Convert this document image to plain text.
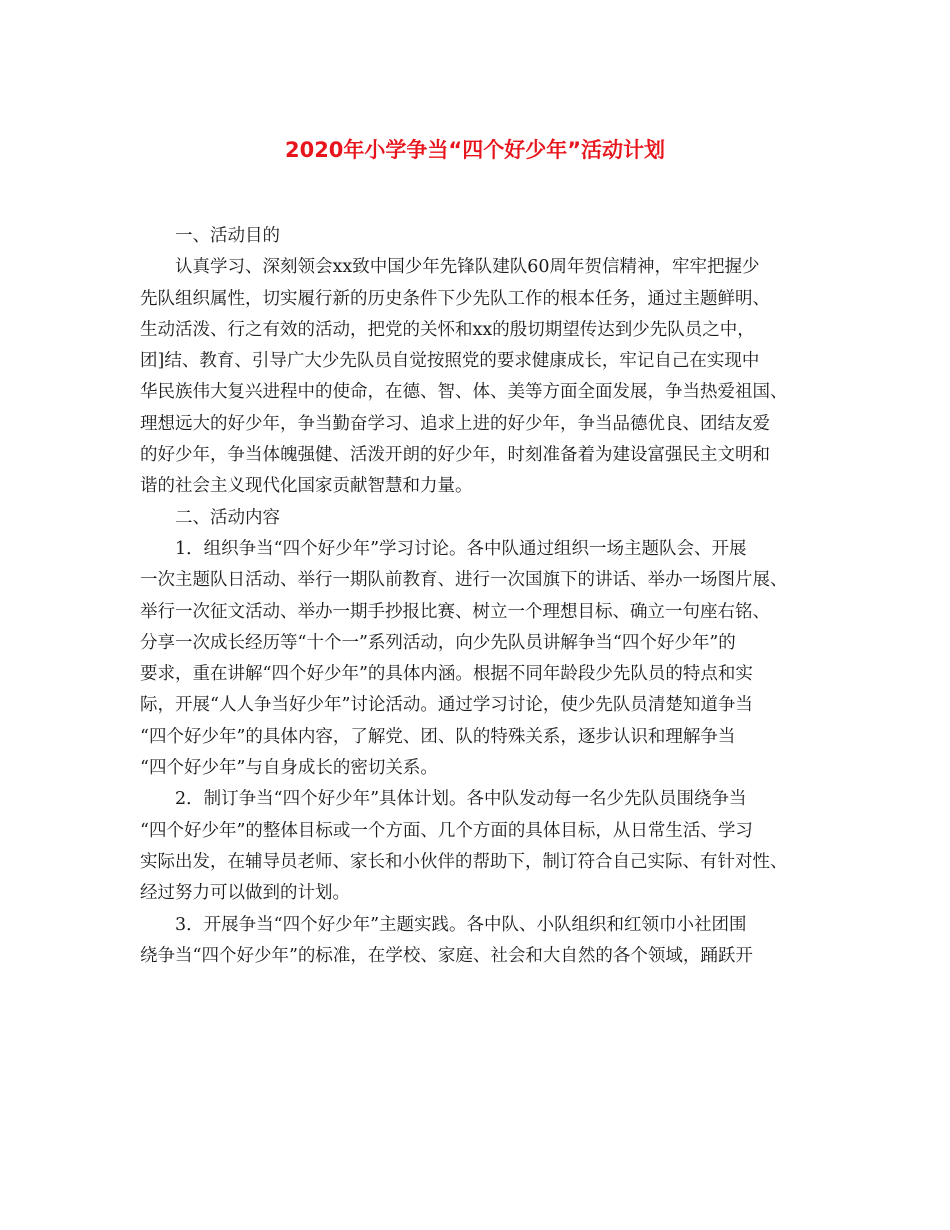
2020年小学争当“四个好少年”活动计划
一、活动目的
认真学习、深刻领会xx致中国少年先锋队建队60周年贺信精神，牢牢把握少
先队组织属性，切实履行新的历史条件下少先队工作的根本任务，通过主题鲜明、
生动活泼、行之有效的活动，把党的关怀和xx的殷切期望传达到少先队员之中，
团]结、教育、引导广大少先队员自觉按照党的要求健康成长，牢记自己在实现中
华民族伟大复兴进程中的使命，在德、智、体、美等方面全面发展，争当热爱祖国、
理想远大的好少年，争当勤奋学习、追求上进的好少年，争当品德优良、团结友爱
的好少年，争当体魄强健、活泼开朗的好少年，时刻准备着为建设富强民主文明和
谐的社会主义现代化国家贡献智慧和力量。
二、活动内容
1．组织争当“四个好少年”学习讨论。各中队通过组织一场主题队会、开展
一次主题队日活动、举行一期队前教育、进行一次国旗下的讲话、举办一场图片展、
举行一次征文活动、举办一期手抄报比赛、树立一个理想目标、确立一句座右铭、
分享一次成长经历等“十个一”系列活动，向少先队员讲解争当“四个好少年”的
要求，重在讲解“四个好少年”的具体内涵。根据不同年龄段少先队员的特点和实
际，开展“人人争当好少年”讨论活动。通过学习讨论，使少先队员清楚知道争当
“四个好少年”的具体内容，了解党、团、队的特殊关系，逐步认识和理解争当
“四个好少年”与自身成长的密切关系。
2．制订争当“四个好少年”具体计划。各中队发动每一名少先队员围绕争当
“四个好少年”的整体目标或一个方面、几个方面的具体目标，从日常生活、学习
实际出发，在辅导员老师、家长和小伙伴的帮助下，制订符合自己实际、有针对性、
经过努力可以做到的计划。
3．开展争当“四个好少年”主题实践。各中队、小队组织和红领巾小社团围
绕争当“四个好少年”的标准，在学校、家庭、社会和大自然的各个领域，踊跃开
